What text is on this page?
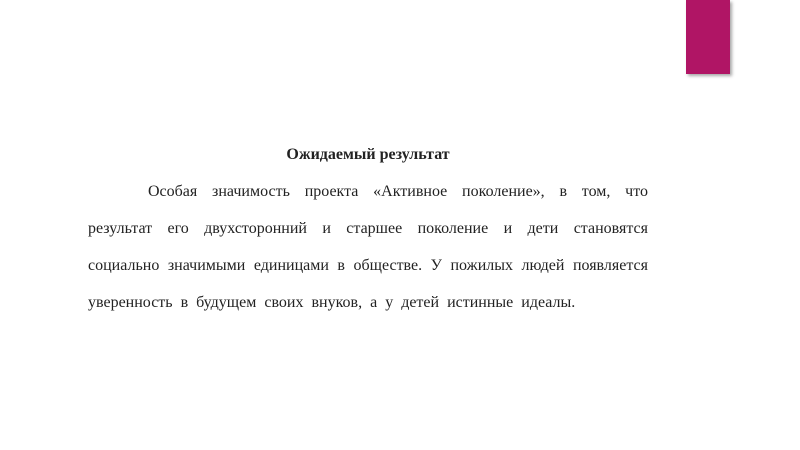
Ожидаемый результат

Особая значимость проекта «Активное поколение», в том, что результат его двухсторонний и старшее поколение и дети становятся социально значимыми единицами в обществе. У пожилых людей появляется уверенность в будущем своих внуков, а у детей истинные идеалы.
